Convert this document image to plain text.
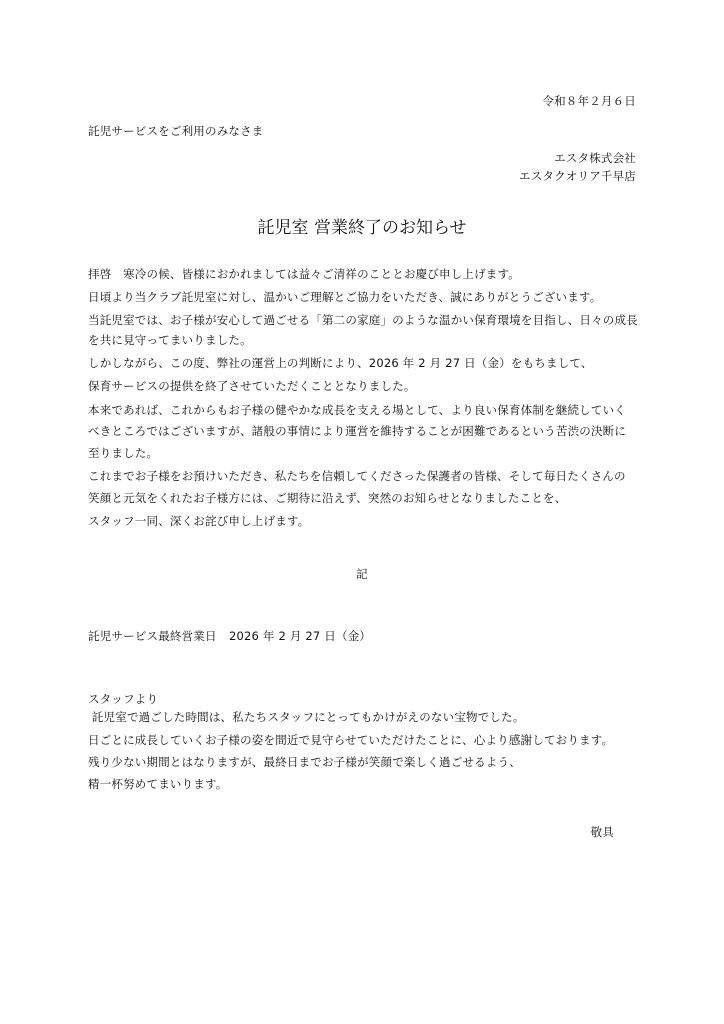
令和８年２月６日
託児サービスをご利用のみなさま
エスタ株式会社
エスタクオリア千早店
託児室 営業終了のお知らせ
拝啓　寒冷の候、皆様におかれましては益々ご清祥のこととお慶び申し上げます。
日頃より当クラブ託児室に対し、温かいご理解とご協力をいただき、誠にありがとうございます。
当託児室では、お子様が安心して過ごせる「第二の家庭」のような温かい保育環境を目指し、日々の成長
を共に見守ってまいりました。
しかしながら、この度、弊社の運営上の判断により、2026 年 2 月 27 日（金）をもちまして、
保育サービスの提供を終了させていただくこととなりました。
本来であれば、これからもお子様の健やかな成長を支える場として、より良い保育体制を継続していく
べきところではございますが、諸般の事情により運営を維持することが困難であるという苦渋の決断に
至りました。
これまでお子様をお預けいただき、私たちを信頼してくださった保護者の皆様、そして毎日たくさんの
笑顔と元気をくれたお子様方には、ご期待に沿えず、突然のお知らせとなりましたことを、
スタッフ一同、深くお詫び申し上げます。
記
託児サービス最終営業日 2026 年 2 月 27 日（金）
スタッフより
託児室で過ごした時間は、私たちスタッフにとってもかけがえのない宝物でした。
日ごとに成長していくお子様の姿を間近で見守らせていただけたことに、心より感謝しております。
残り少ない期間とはなりますが、最終日までお子様が笑顔で楽しく過ごせるよう、
精一杯努めてまいります。
敬具
